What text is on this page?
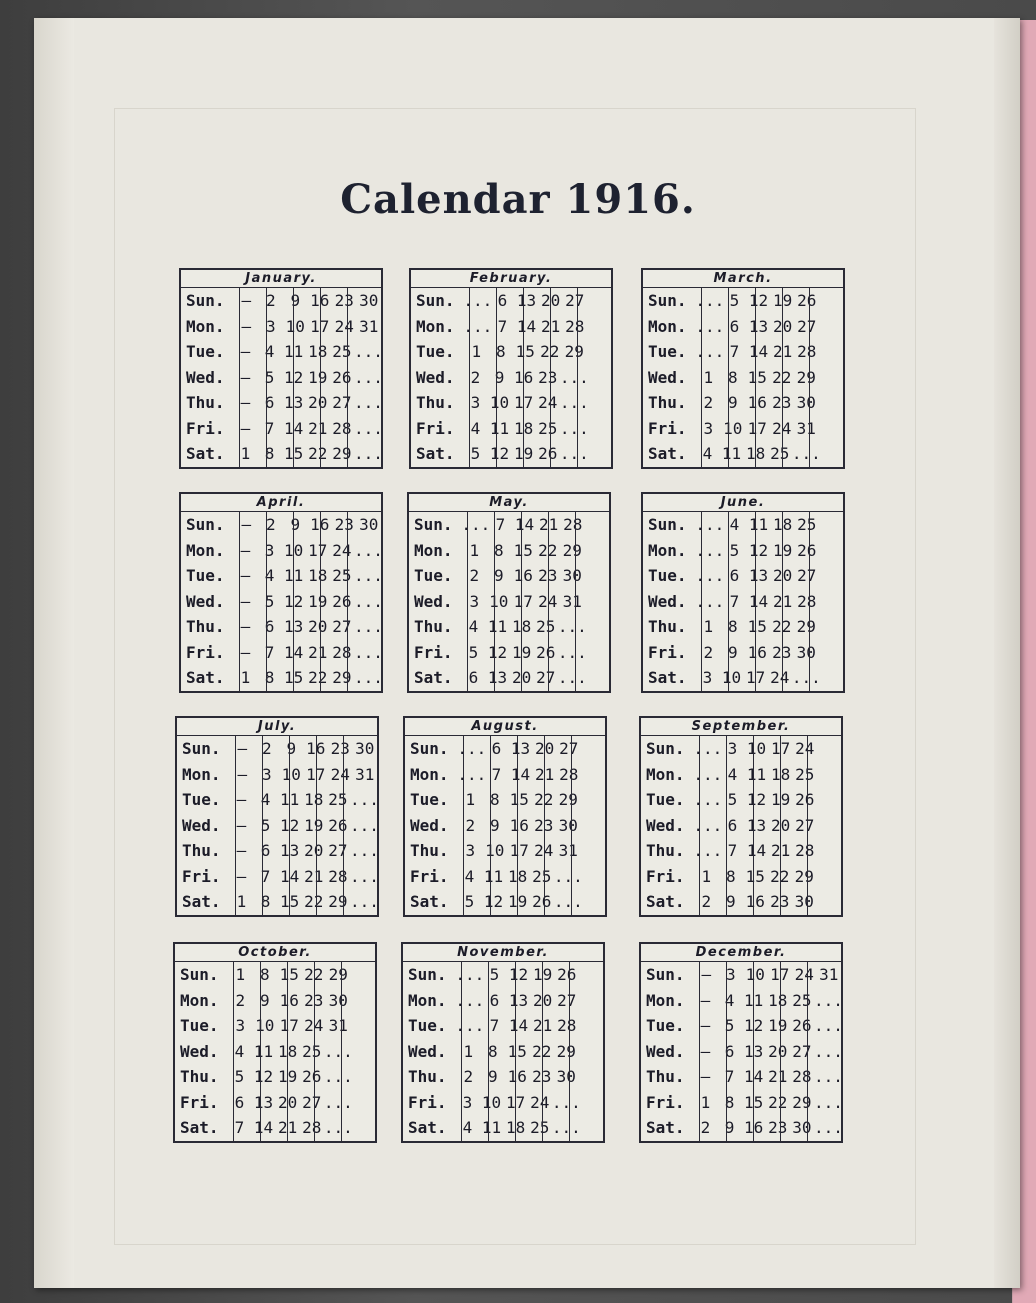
Calendar 1916.
January.
Sun.	– 2 9 16 23 30
Mon.	– 3 10 17 24 31
Tue.	– 4 11 18 25 ...
Wed.	– 5 12 19 26 ...
Thu.	– 6 13 20 27 ...
Fri.	– 7 14 21 28 ...
Sat.	1 8 15 22 29 ...
February.
Sun. ... 6 13 20 27
Mon. ... 7 14 21 28
Tue.	1 8 15 22 29
Wed.	2 9 16 23 ...
Thu.	3 10 17 24 ...
Fri.	4 11 18 25 ...
Sat.	5 12 19 26 ...
March.
Sun. ... 5 12 19 26
Mon. ... 6 13 20 27
Tue. ... 7 14 21 28
Wed.	1 8 15 22 29
Thu.	2 9 16 23 30
Fri.	3 10 17 24 31
Sat.	4 11 18 25 ...
April.
Sun.	– 2 9 16 23 30
Mon.	– 3 10 17 24 ...
Tue.	– 4 11 18 25 ...
Wed.	– 5 12 19 26 ...
Thu.	– 6 13 20 27 ...
Fri.	– 7 14 21 28 ...
Sat.	1 8 15 22 29 ...
May.
Sun. ... 7 14 21 28
Mon.	1 8 15 22 29
Tue.	2 9 16 23 30
Wed.	3 10 17 24 31
Thu.	4 11 18 25 ...
Fri.	5 12 19 26 ...
Sat.	6 13 20 27 ...
June.
Sun. ... 4 11 18 25
Mon. ... 5 12 19 26
Tue. ... 6 13 20 27
Wed. ... 7 14 21 28
Thu.	1 8 15 22 29
Fri.	2 9 16 23 30
Sat.	3 10 17 24 ...
July.
Sun.	– 2 9 16 23 30
Mon.	– 3 10 17 24 31
Tue.	– 4 11 18 25 ...
Wed.	– 5 12 19 26 ...
Thu.	– 6 13 20 27 ...
Fri.	– 7 14 21 28 ...
Sat.	1 8 15 22 29 ...
August.
Sun. ... 6 13 20 27
Mon. ... 7 14 21 28
Tue.	1 8 15 22 29
Wed.	2 9 16 23 30
Thu.	3 10 17 24 31
Fri.	4 11 18 25 ...
Sat.	5 12 19 26 ...
September.
Sun. ... 3 10 17 24
Mon. ... 4 11 18 25
Tue. ... 5 12 19 26
Wed. ... 6 13 20 27
Thu. ... 7 14 21 28
Fri.	1 8 15 22 29
Sat.	2 9 16 23 30
October.
Sun.	1 8 15 22 29
Mon.	2 9 16 23 30
Tue.	3 10 17 24 31
Wed.	4 11 18 25 ...
Thu.	5 12 19 26 ...
Fri.	6 13 20 27 ...
Sat.	7 14 21 28 ...
November.
Sun. ... 5 12 19 26
Mon. ... 6 13 20 27
Tue. ... 7 14 21 28
Wed.	1 8 15 22 29
Thu.	2 9 16 23 30
Fri.	3 10 17 24 ...
Sat.	4 11 18 25 ...
December.
Sun.	– 3 10 17 24 31
Mon.	– 4 11 18 25 ...
Tue.	– 5 12 19 26 ...
Wed.	– 6 13 20 27 ...
Thu.	– 7 14 21 28 ...
Fri.	1 8 15 22 29 ...
Sat.	2 9 16 23 30 ...
